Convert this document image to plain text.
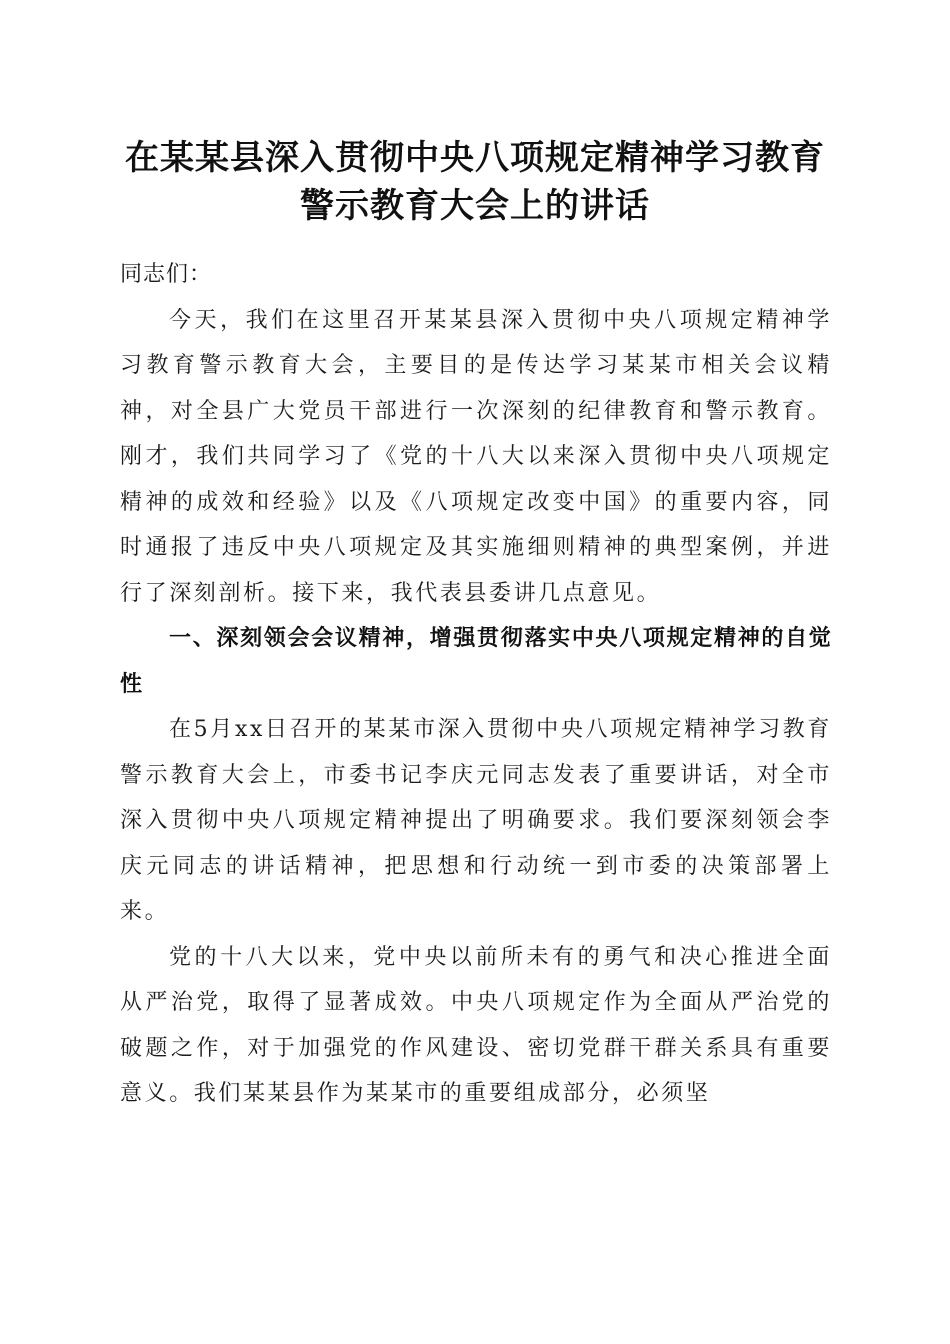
在某某县深入贯彻中央八项规定精神学习教育
警示教育大会上的讲话

同志们：

今天，我们在这里召开某某县深入贯彻中央八项规定精神学习教育警示教育大会，主要目的是传达学习某某市相关会议精神，对全县广大党员干部进行一次深刻的纪律教育和警示教育。刚才，我们共同学习了《党的十八大以来深入贯彻中央八项规定精神的成效和经验》以及《八项规定改变中国》的重要内容，同时通报了违反中央八项规定及其实施细则精神的典型案例，并进行了深刻剖析。接下来，我代表县委讲几点意见。

一、深刻领会会议精神，增强贯彻落实中央八项规定精神的自觉性

在5月xx日召开的某某市深入贯彻中央八项规定精神学习教育警示教育大会上，市委书记李庆元同志发表了重要讲话，对全市深入贯彻中央八项规定精神提出了明确要求。我们要深刻领会李庆元同志的讲话精神，把思想和行动统一到市委的决策部署上来。

党的十八大以来，党中央以前所未有的勇气和决心推进全面从严治党，取得了显著成效。中央八项规定作为全面从严治党的破题之作，对于加强党的作风建设、密切党群干群关系具有重要意义。我们某某县作为某某市的重要组成部分，必须坚
